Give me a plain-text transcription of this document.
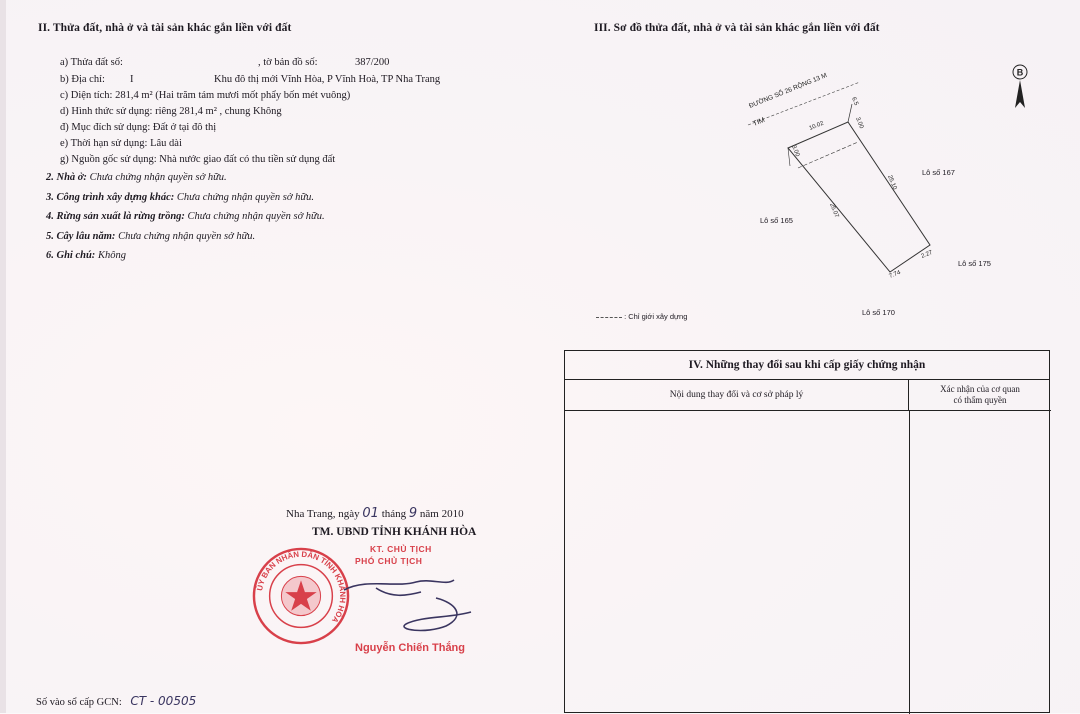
II. Thửa đất, nhà ở và tài sản khác gắn liền với đất
a) Thửa đất số:	, tờ bản đồ số:	387/200
b) Địa chỉ: I	Khu đô thị mới Vĩnh Hòa, P Vĩnh Hoà, TP Nha Trang
c) Diện tích: 281,4 m² (Hai trăm tám mươi mốt phẩy bốn mét vuông)
d) Hình thức sử dụng: riêng 281,4 m² , chung Không
đ) Mục đích sử dụng: Đất ở tại đô thị
e) Thời hạn sử dụng: Lâu dài
g) Nguồn gốc sử dụng: Nhà nước giao đất có thu tiền sử dụng đất
2. Nhà ở: Chưa chứng nhận quyền sở hữu.
3. Công trình xây dựng khác: Chưa chứng nhận quyền sở hữu.
4. Rừng sản xuất là rừng trồng: Chưa chứng nhận quyền sở hữu.
5. Cây lâu năm: Chưa chứng nhận quyền sở hữu.
6. Ghi chú: Không
Nha Trang, ngày 01 tháng 9 năm 2010
TM. UBND TỈNH KHÁNH HÒA
KT. CHỦ TỊCH
PHÓ CHỦ TỊCH
ỦY BAN NHÂN DÂN TỈNH KHÁNH HÒA
Nguyễn Chiến Thắng
Số vào sổ cấp GCN: CT - 00505
III. Sơ đồ thửa đất, nhà ở và tài sản khác gắn liền với đất
ĐƯỜNG SỐ 26 RỘNG 13 M
TIM
6.5
10.02	3.00
3.00
25.10
25.07
2.27
7.74
B
Lô số 167
Lô số 165
Lô số 175
Lô số 170
: Chỉ giới xây dựng
IV. Những thay đổi sau khi cấp giấy chứng nhận
Nội dung thay đổi và cơ sở pháp lý
Xác nhận của cơ quan
có thẩm quyền
